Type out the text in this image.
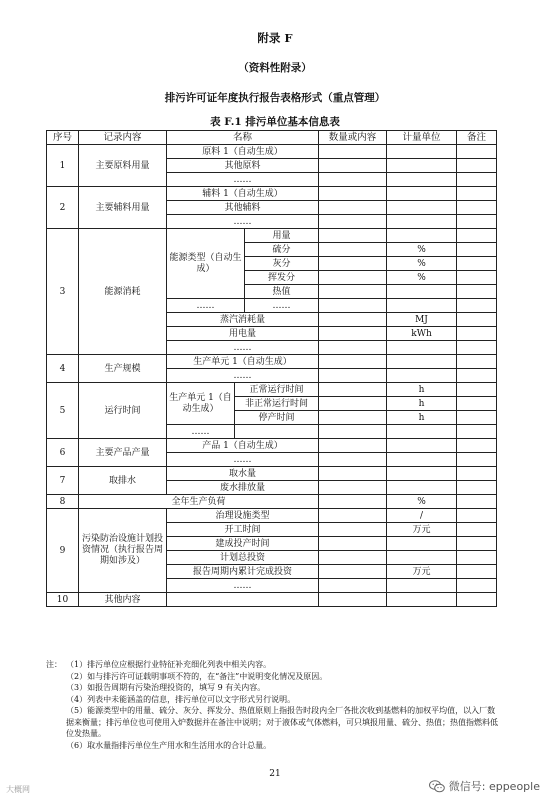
附录 F
（资料性附录）
排污许可证年度执行报告表格形式（重点管理）
表 F.1 排污单位基本信息表
序号	记录内容	名称			数量或内容	计量单位	备注
1	主要原料用量	原料 1（自动生成）					
		其他原料					
		……					
2	主要辅料用量	辅料 1（自动生成）					
		其他辅料					
		……					
3	能源消耗	能源类型（自动生成）		用量			
				硫分		%	
				灰分		%	
				挥发分		%	
				热值			
		……		……			
		蒸汽消耗量				MJ	
		用电量				kWh	
		……					
4	生产规模	生产单元 1（自动生成）					
		……					
5	运行时间	生产单元 1（自动生成）	正常运行时间			h	
			非正常运行时间			h	
			停产时间			h	
		……					
6	主要产品产量	产品 1（自动生成）					
		……					
7	取排水	取水量					
		废水排放量					
8	全年生产负荷					%	
9	污染防治设施计划投资情况（执行报告周期如涉及）	治理设施类型				/	
		开工时间				万元	
		建成投产时间					
		计划总投资					
		报告周期内累计完成投资				万元	
		……					
10	其他内容						
注： （1）排污单位应根据行业特征补充细化列表中相关内容。
（2）如与排污许可证载明事项不符的，在“备注”中说明变化情况及原因。
（3）如报告周期有污染治理投资的，填写 9 有关内容。
（4）列表中未能涵盖的信息，排污单位可以文字形式另行说明。
（5）能源类型中的用量、硫分、灰分、挥发分、热值原则上指报告时段内全厂各批次收到基燃料的加权平均值，以入厂数据来衡量；排污单位也可使用入炉数据并在备注中说明；对于液体或气体燃料，可只填报用量、硫分、热值；热值指燃料低位发热量。
（6）取水量指排污单位生产用水和生活用水的合计总量。
21
大概网	微信号: eppeople
